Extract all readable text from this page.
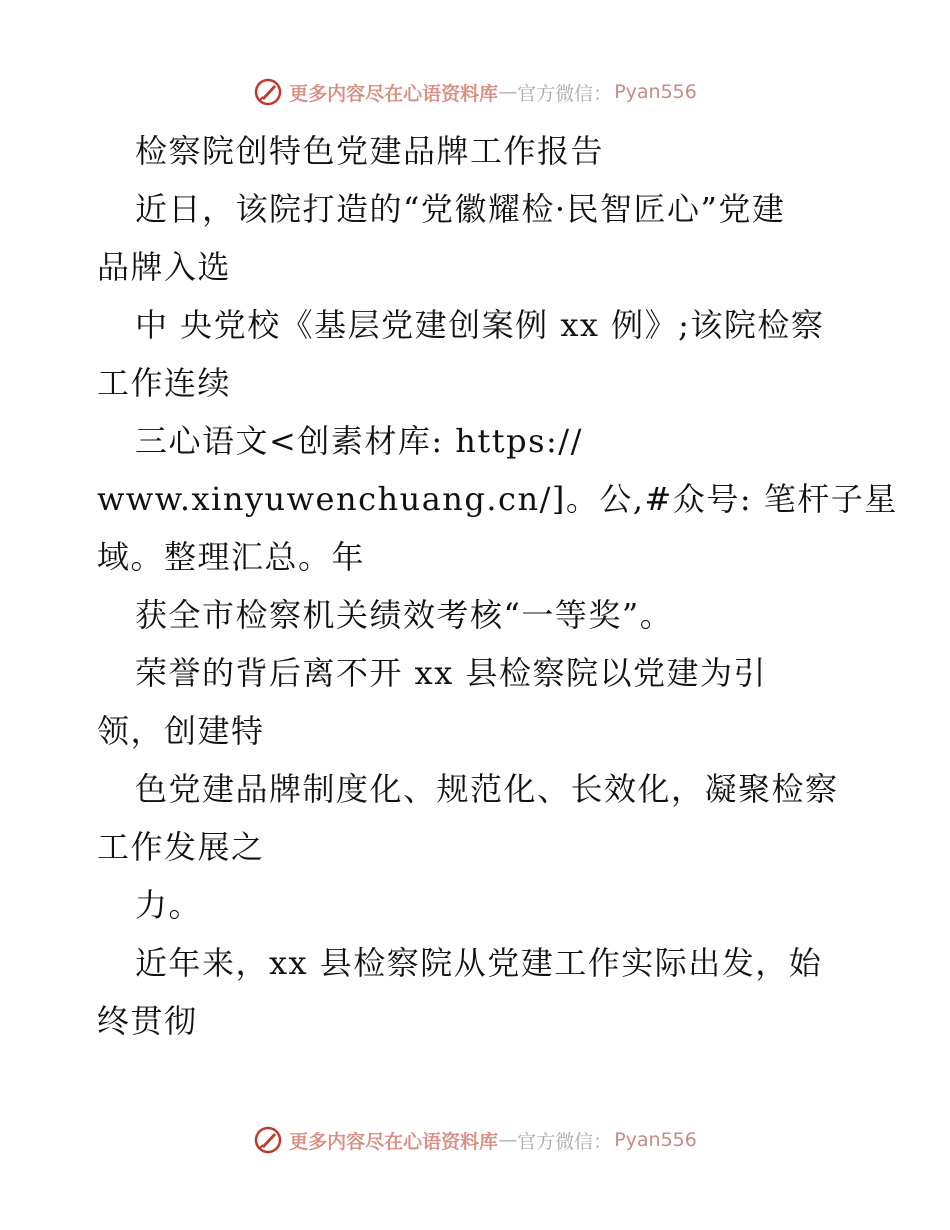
更多内容尽在心语资料库 — 官方微信： Pyan556
检察院创特色党建品牌工作报告
近日，该院打造的“党徽耀检·民智匠心”党建
品牌入选
中 央党校《基层党建创案例 xx 例》;该院检察
工作连续
三心语文<创素材库: https://
www.xinyuwenchuang.cn/]。公,#众号: 笔杆子星
域。整理汇总。年
获全市检察机关绩效考核“一等奖”。
荣誉的背后离不开 xx 县检察院以党建为引
领，创建特
色党建品牌制度化、规范化、长效化，凝聚检察
工作发展之
力。
近年来，xx 县检察院从党建工作实际出发，始
终贯彻
更多内容尽在心语资料库 — 官方微信： Pyan556
